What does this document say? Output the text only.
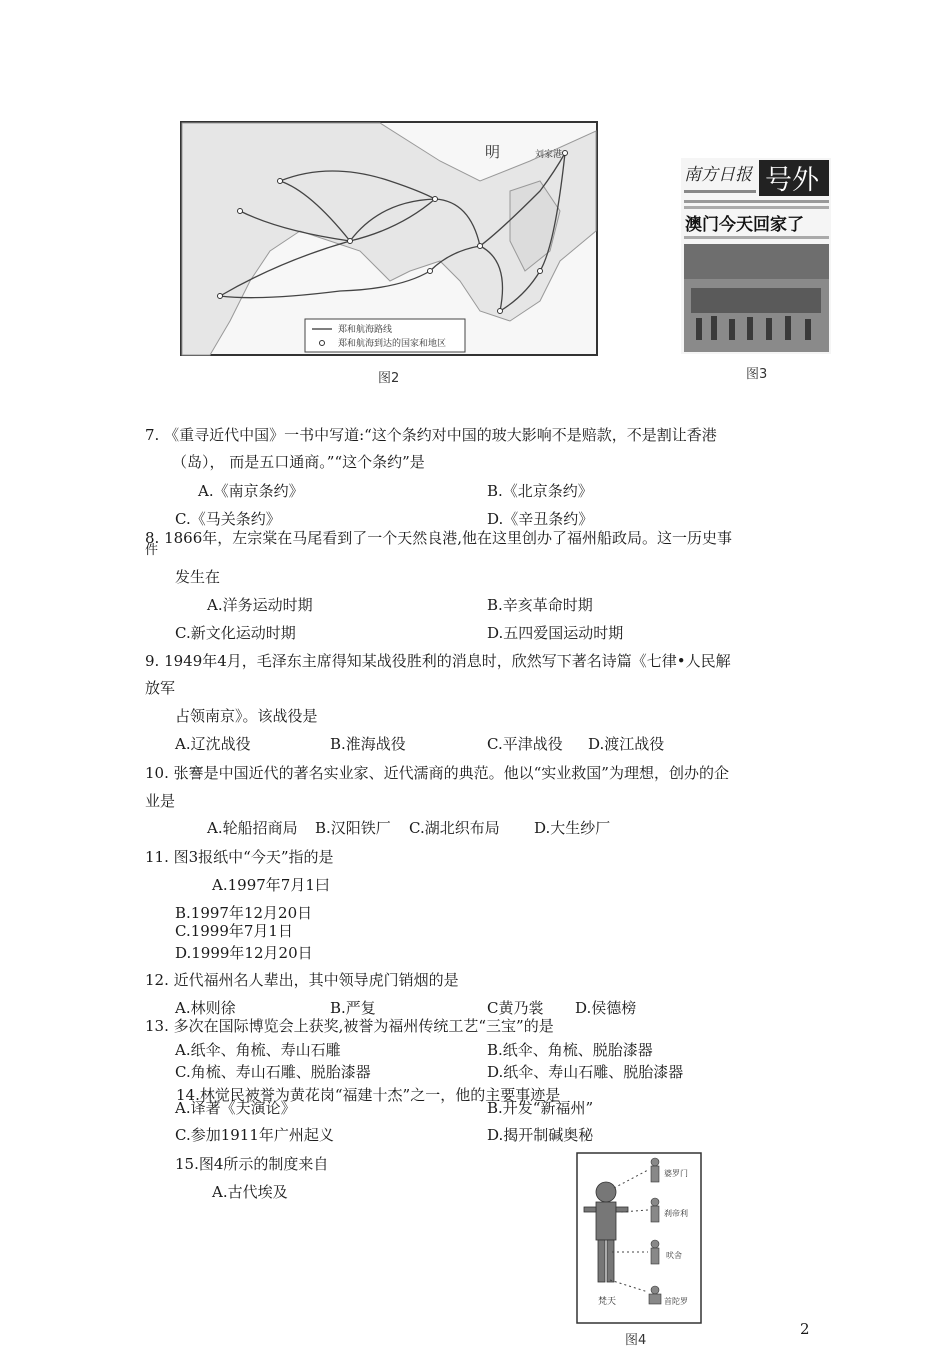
明	刘家港
郑和航海路线
郑和航海到达的国家和地区
图2
南方日报 号外
澳门今天回家了
图3
7. 《重寻近代中国》一书中写道:“这个条约对中国的玻大影响不是赔款，不是割让香港
（岛）， 而是五口通商。”“这个条约”是
A.《南京条约》	B.《北京条约》
C.《马关条约》	D.《辛丑条约》
8. 1866年，左宗棠在马尾看到了一个天然良港,他在这里创办了福州船政局。这一历史事
件
发生在
A.洋务运动时期	B.辛亥革命时期
C.新文化运动时期	D.五四爱国运动时期
9. 1949年4月，毛泽东主席得知某战役胜利的消息时，欣然写下著名诗篇《七律•人民解
放军
占领南京》。该战役是
A.辽沈战役	B.淮海战役	C.平津战役 D.渡江战役
10. 张謇是中国近代的著名实业家、近代濡商的典范。他以“实业救国”为理想，创办的企
业是
A.轮船招商局 B.汉阳铁厂 C.湖北织布局 D.大生纱厂
11. 图3报纸中“今天”指的是
A.1997年7月1曰
B.1997年12月20日
C.1999年7月1日
D.1999年12月20日
12. 近代福州名人辈出，其中领导虎门销烟的是
A.林则徐	B.严复	C黄乃裳 D.侯德榜
13. 多次在国际博览会上获奖,被誉为福州传统工艺“三宝”的是
A.纸伞、角梳、寿山石雕	B.纸伞、角梳、脱胎漆器
C.角梳、寿山石雕、脱胎漆器	D.纸伞、寿山石雕、脱胎漆器
14.林觉民被誉为黄花岗“福建十杰”之一，他的主要事迹是
A.译著《天演论》	B.开发“新福州”
C.参加1911年广州起义	D.揭开制碱奥秘
15.图4所示的制度来自
A.古代埃及
婆罗门
刹帝利
吠舍
首陀罗
梵天
图4
2
